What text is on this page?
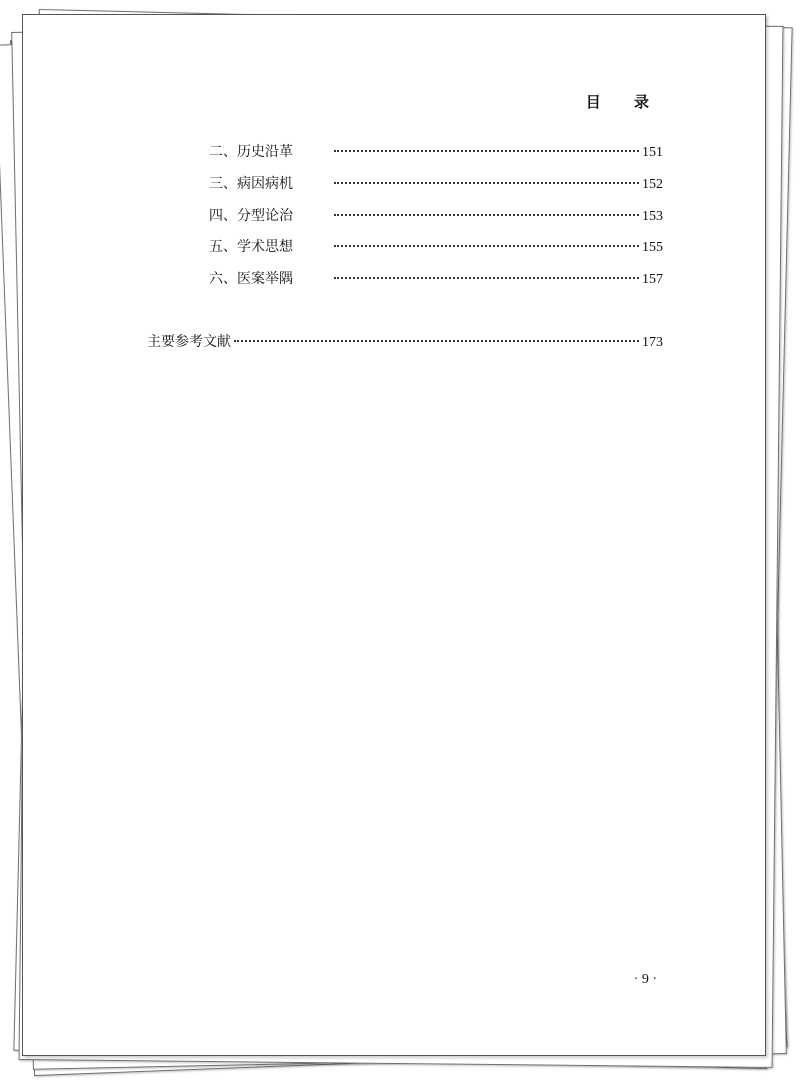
目 录
二、历史沿革	151
三、病因病机	152
四、分型论治	153
五、学术思想	155
六、医案举隅	157
主要参考文献	173
· 9 ·
